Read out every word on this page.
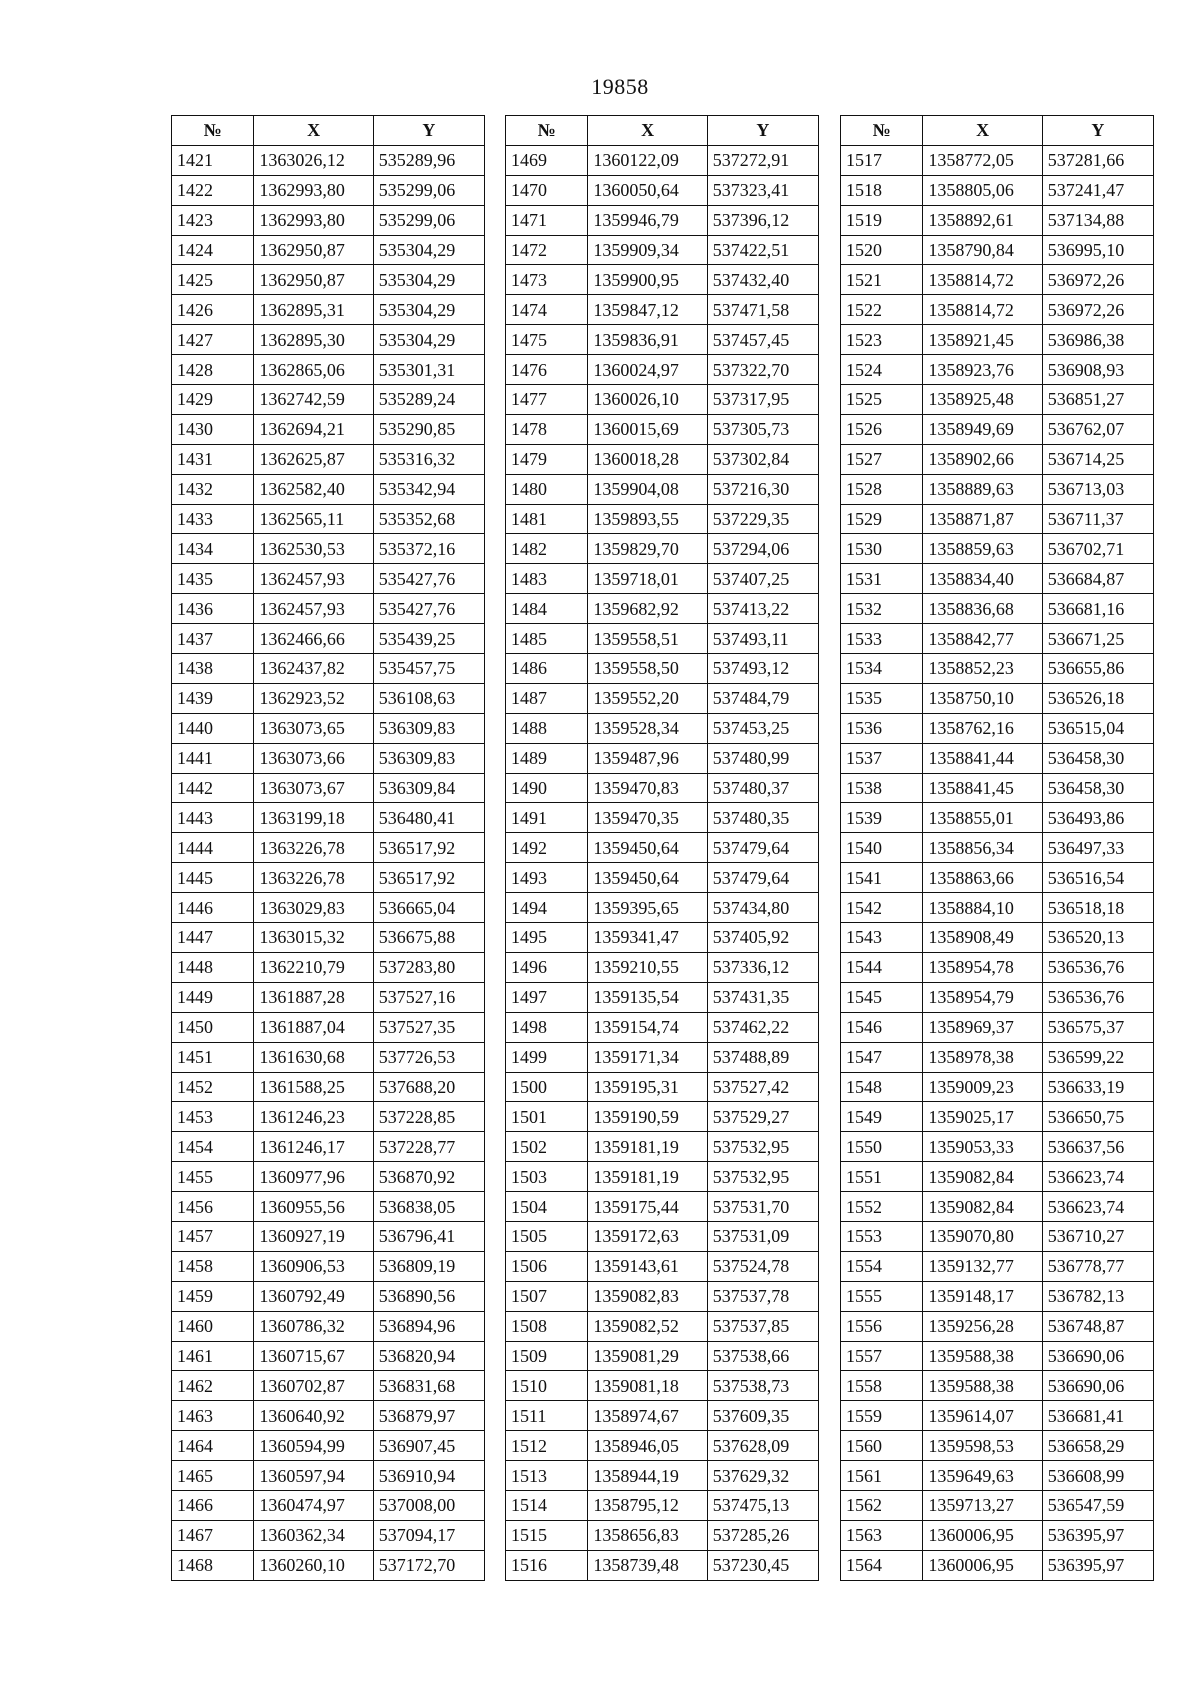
19858
№	X	Y
1421	1363026,12	535289,96
1422	1362993,80	535299,06
1423	1362993,80	535299,06
1424	1362950,87	535304,29
1425	1362950,87	535304,29
1426	1362895,31	535304,29
1427	1362895,30	535304,29
1428	1362865,06	535301,31
1429	1362742,59	535289,24
1430	1362694,21	535290,85
1431	1362625,87	535316,32
1432	1362582,40	535342,94
1433	1362565,11	535352,68
1434	1362530,53	535372,16
1435	1362457,93	535427,76
1436	1362457,93	535427,76
1437	1362466,66	535439,25
1438	1362437,82	535457,75
1439	1362923,52	536108,63
1440	1363073,65	536309,83
1441	1363073,66	536309,83
1442	1363073,67	536309,84
1443	1363199,18	536480,41
1444	1363226,78	536517,92
1445	1363226,78	536517,92
1446	1363029,83	536665,04
1447	1363015,32	536675,88
1448	1362210,79	537283,80
1449	1361887,28	537527,16
1450	1361887,04	537527,35
1451	1361630,68	537726,53
1452	1361588,25	537688,20
1453	1361246,23	537228,85
1454	1361246,17	537228,77
1455	1360977,96	536870,92
1456	1360955,56	536838,05
1457	1360927,19	536796,41
1458	1360906,53	536809,19
1459	1360792,49	536890,56
1460	1360786,32	536894,96
1461	1360715,67	536820,94
1462	1360702,87	536831,68
1463	1360640,92	536879,97
1464	1360594,99	536907,45
1465	1360597,94	536910,94
1466	1360474,97	537008,00
1467	1360362,34	537094,17
1468	1360260,10	537172,70
№	X	Y
1469	1360122,09	537272,91
1470	1360050,64	537323,41
1471	1359946,79	537396,12
1472	1359909,34	537422,51
1473	1359900,95	537432,40
1474	1359847,12	537471,58
1475	1359836,91	537457,45
1476	1360024,97	537322,70
1477	1360026,10	537317,95
1478	1360015,69	537305,73
1479	1360018,28	537302,84
1480	1359904,08	537216,30
1481	1359893,55	537229,35
1482	1359829,70	537294,06
1483	1359718,01	537407,25
1484	1359682,92	537413,22
1485	1359558,51	537493,11
1486	1359558,50	537493,12
1487	1359552,20	537484,79
1488	1359528,34	537453,25
1489	1359487,96	537480,99
1490	1359470,83	537480,37
1491	1359470,35	537480,35
1492	1359450,64	537479,64
1493	1359450,64	537479,64
1494	1359395,65	537434,80
1495	1359341,47	537405,92
1496	1359210,55	537336,12
1497	1359135,54	537431,35
1498	1359154,74	537462,22
1499	1359171,34	537488,89
1500	1359195,31	537527,42
1501	1359190,59	537529,27
1502	1359181,19	537532,95
1503	1359181,19	537532,95
1504	1359175,44	537531,70
1505	1359172,63	537531,09
1506	1359143,61	537524,78
1507	1359082,83	537537,78
1508	1359082,52	537537,85
1509	1359081,29	537538,66
1510	1359081,18	537538,73
1511	1358974,67	537609,35
1512	1358946,05	537628,09
1513	1358944,19	537629,32
1514	1358795,12	537475,13
1515	1358656,83	537285,26
1516	1358739,48	537230,45
№	X	Y
1517	1358772,05	537281,66
1518	1358805,06	537241,47
1519	1358892,61	537134,88
1520	1358790,84	536995,10
1521	1358814,72	536972,26
1522	1358814,72	536972,26
1523	1358921,45	536986,38
1524	1358923,76	536908,93
1525	1358925,48	536851,27
1526	1358949,69	536762,07
1527	1358902,66	536714,25
1528	1358889,63	536713,03
1529	1358871,87	536711,37
1530	1358859,63	536702,71
1531	1358834,40	536684,87
1532	1358836,68	536681,16
1533	1358842,77	536671,25
1534	1358852,23	536655,86
1535	1358750,10	536526,18
1536	1358762,16	536515,04
1537	1358841,44	536458,30
1538	1358841,45	536458,30
1539	1358855,01	536493,86
1540	1358856,34	536497,33
1541	1358863,66	536516,54
1542	1358884,10	536518,18
1543	1358908,49	536520,13
1544	1358954,78	536536,76
1545	1358954,79	536536,76
1546	1358969,37	536575,37
1547	1358978,38	536599,22
1548	1359009,23	536633,19
1549	1359025,17	536650,75
1550	1359053,33	536637,56
1551	1359082,84	536623,74
1552	1359082,84	536623,74
1553	1359070,80	536710,27
1554	1359132,77	536778,77
1555	1359148,17	536782,13
1556	1359256,28	536748,87
1557	1359588,38	536690,06
1558	1359588,38	536690,06
1559	1359614,07	536681,41
1560	1359598,53	536658,29
1561	1359649,63	536608,99
1562	1359713,27	536547,59
1563	1360006,95	536395,97
1564	1360006,95	536395,97
